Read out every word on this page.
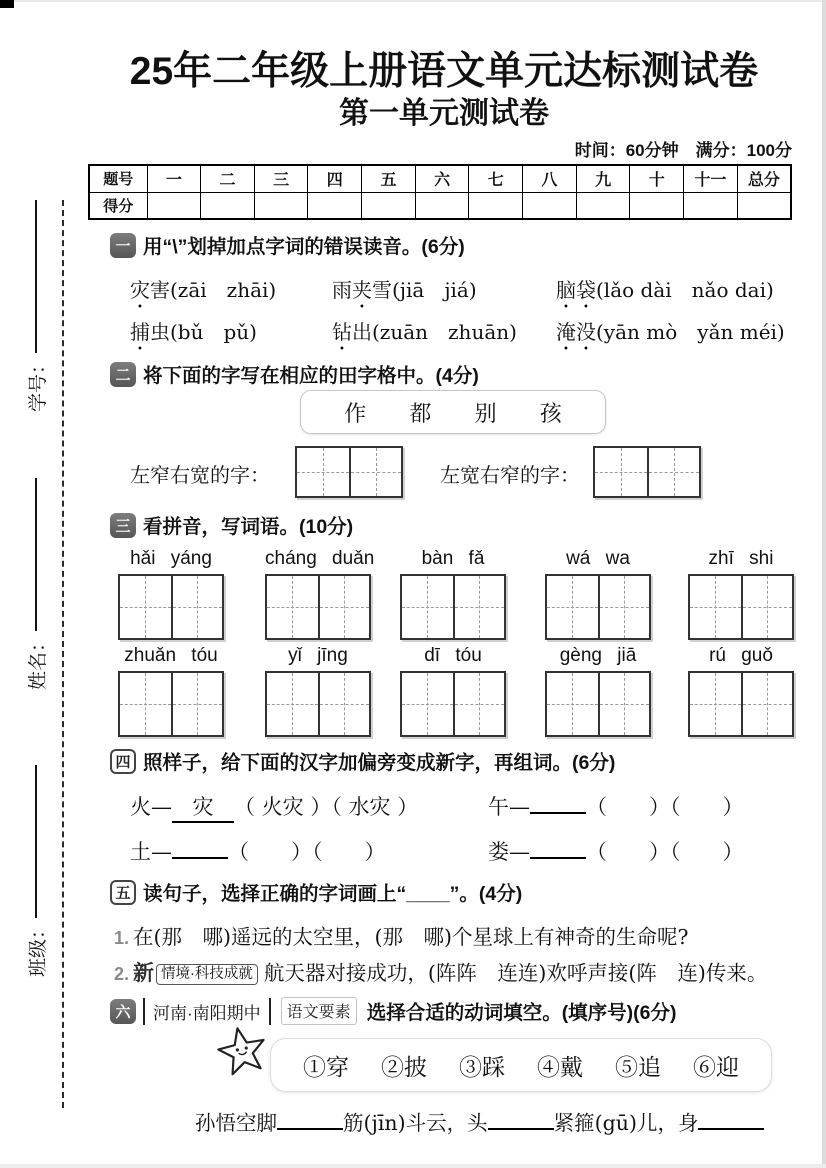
学号：
姓名：
班级：
25年二年级上册语文单元达标测试卷
第一单元测试卷
时间：60分钟　满分：100分
题号	一	二	三	四	五	六	七	八	九	十	十一	总分
得分												
一 用“\”划掉加点字词的错误读音。(6分)
灾害(zāi　zhāi)	雨夹雪(jiā　jiá)	脑袋(lǎo dài　nǎo dai)
捕虫(bǔ　pǔ)	钻出(zuān　zhuān) 淹没(yān mò　yǎn méi)
二 将下面的字写在相应的田字格中。(4分)
作 都 别 孩
左窄右宽的字：	左宽右窄的字：
三 看拼音，写词语。(10分)
hǎi yáng	cháng duǎn	bàn fǎ	wá wa	zhī shi
zhuǎn tóu	yǐ jīng	dī tóu	gèng jiā	rú guǒ
四 照样子，给下面的汉字加偏旁变成新字，再组词。(6分)
火— 灾 （ 火灾 ）（ 水灾 ）	午—	（　　）（　　）
土—	（　　）（　　）	娄—	（　　）（　　）
五 读句子，选择正确的字词画上“____”。(4分)
1. 在(那　哪)遥远的太空里，(那　哪)个星球上有神奇的生命呢?
2. 新 情境·科技成就 航天器对接成功，(阵阵　连连)欢呼声接(阵　连)传来。
六	河南·南阳期中	语文要素 选择合适的动词填空。(填序号)(6分)
①穿 ②披 ③踩 ④戴 ⑤追 ⑥迎
孙悟空脚	筋(jīn)斗云，头	紧箍(gū)儿，身
